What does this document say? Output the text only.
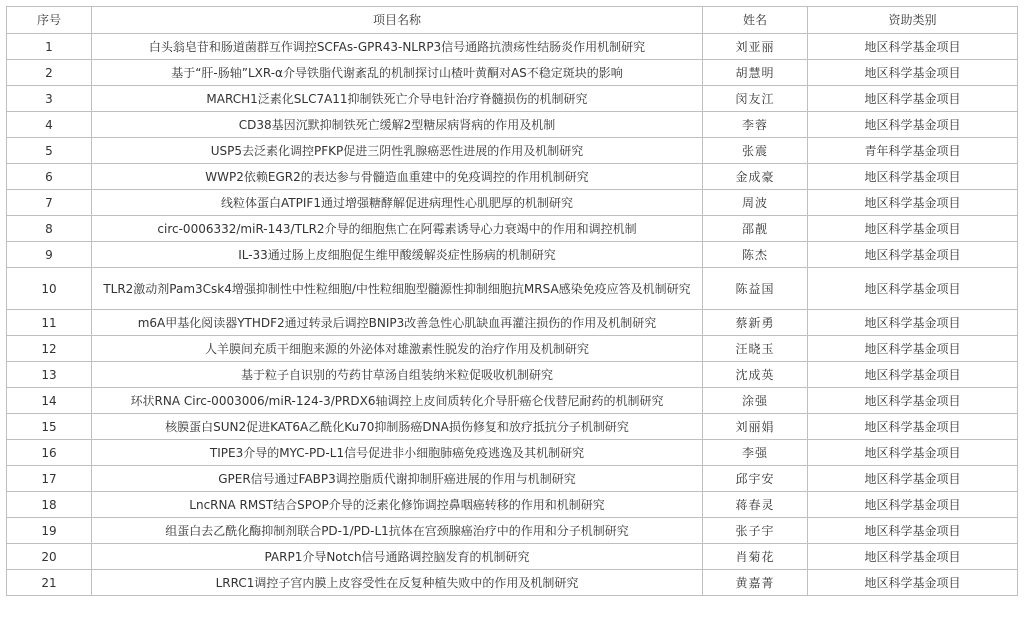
序号	项目名称	姓名	资助类别
1	白头翁皂苷和肠道菌群互作调控SCFAs-GPR43-NLRP3信号通路抗溃疡性结肠炎作用机制研究	刘亚丽	地区科学基金项目
2	基于“肝-肠轴”LXR-α介导铁脂代谢紊乱的机制探讨山楂叶黄酮对AS不稳定斑块的影响	胡慧明	地区科学基金项目
3	MARCH1泛素化SLC7A11抑制铁死亡介导电针治疗脊髓损伤的机制研究	闵友江	地区科学基金项目
4	CD38基因沉默抑制铁死亡缓解2型糖尿病肾病的作用及机制	李蓉	地区科学基金项目
5	USP5去泛素化调控PFKP促进三阴性乳腺癌恶性进展的作用及机制研究	张震	青年科学基金项目
6	WWP2依赖EGR2的表达参与骨髓造血重建中的免疫调控的作用机制研究	金成豪	地区科学基金项目
7	线粒体蛋白ATPIF1通过增强糖酵解促进病理性心肌肥厚的机制研究	周波	地区科学基金项目
8	circ-0006332/miR-143/TLR2介导的细胞焦亡在阿霉素诱导心力衰竭中的作用和调控机制	邵靓	地区科学基金项目
9	IL-33通过肠上皮细胞促生维甲酸缓解炎症性肠病的机制研究	陈杰	地区科学基金项目
10	TLR2激动剂Pam3Csk4增强抑制性中性粒细胞/中性粒细胞型髓源性抑制细胞抗MRSA感染免疫应答及机制研究	陈益国	地区科学基金项目
11	m6A甲基化阅读器YTHDF2通过转录后调控BNIP3改善急性心肌缺血再灌注损伤的作用及机制研究	蔡新勇	地区科学基金项目
12	人羊膜间充质干细胞来源的外泌体对雄激素性脱发的治疗作用及机制研究	汪晓玉	地区科学基金项目
13	基于粒子自识别的芍药甘草汤自组装纳米粒促吸收机制研究	沈成英	地区科学基金项目
14	环状RNA Circ-0003006/miR-124-3/PRDX6轴调控上皮间质转化介导肝癌仑伐替尼耐药的机制研究	涂强	地区科学基金项目
15	核膜蛋白SUN2促进KAT6A乙酰化Ku70抑制肠癌DNA损伤修复和放疗抵抗分子机制研究	刘丽娟	地区科学基金项目
16	TIPE3介导的MYC-PD-L1信号促进非小细胞肺癌免疫逃逸及其机制研究	李强	地区科学基金项目
17	GPER信号通过FABP3调控脂质代谢抑制肝癌进展的作用与机制研究	邱宇安	地区科学基金项目
18	LncRNA RMST结合SPOP介导的泛素化修饰调控鼻咽癌转移的作用和机制研究	蒋春灵	地区科学基金项目
19	组蛋白去乙酰化酶抑制剂联合PD-1/PD-L1抗体在宫颈腺癌治疗中的作用和分子机制研究	张子宇	地区科学基金项目
20	PARP1介导Notch信号通路调控脑发育的机制研究	肖菊花	地区科学基金项目
21	LRRC1调控子宫内膜上皮容受性在反复种植失败中的作用及机制研究	黄嘉菁	地区科学基金项目
